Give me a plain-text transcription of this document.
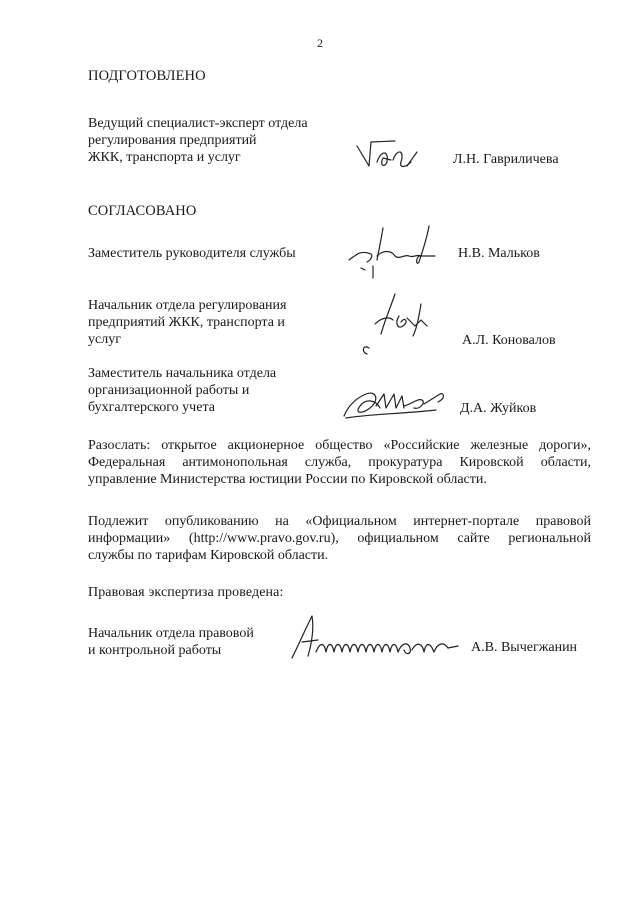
2
ПОДГОТОВЛЕНО
Ведущий специалист-эксперт отдела
регулирования предприятий
ЖКК, транспорта и услуг	Л.Н. Гавриличева
СОГЛАСОВАНО
Заместитель руководителя службы	Н.В. Мальков
Начальник отдела регулирования
предприятий ЖКК, транспорта и
услуг	А.Л. Коновалов
Заместитель начальника отдела
организационной работы и
бухгалтерского учета	Д.А. Жуйков
Разослать: открытое акционерное общество «Российские железные дороги»,
Федеральная антимонопольная служба, прокуратура Кировской области,
управление Министерства юстиции России по Кировской области.
Подлежит опубликованию на «Официальном интернет-портале правовой
информации» (http://www.pravo.gov.ru), официальном сайте региональной
службы по тарифам Кировской области.
Правовая экспертиза проведена:
Начальник отдела правовой
и контрольной работы	А.В. Вычегжанин
